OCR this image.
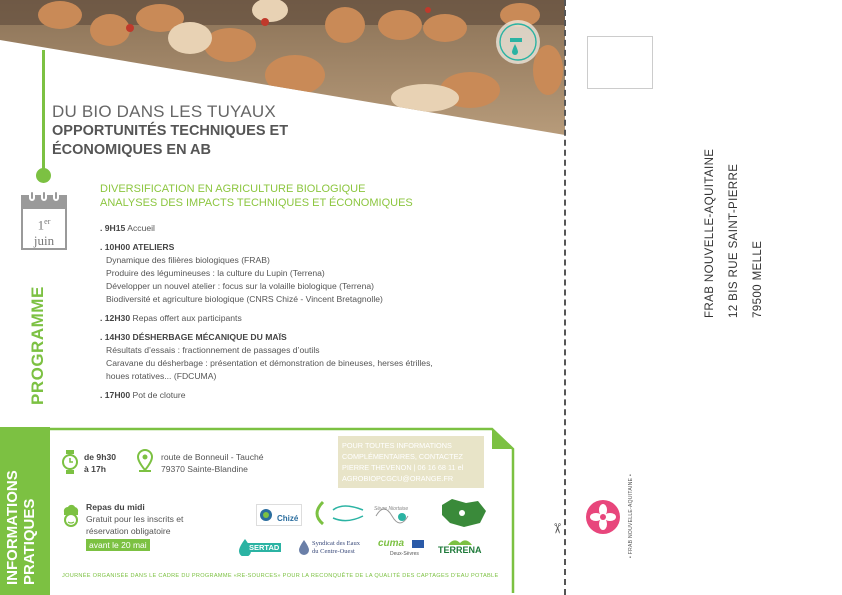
DU BIO DANS LES TUYAUX
OPPORTUNITÉS TECHNIQUES ET ÉCONOMIQUES EN AB
1er
juin
PROGRAMME
DIVERSIFICATION EN AGRICULTURE BIOLOGIQUE
ANALYSES DES IMPACTS TECHNIQUES ET ÉCONOMIQUES
. 9H15 Accueil
. 10H00 ATELIERS
Dynamique des filières biologiques (FRAB)
Produire des légumineuses : la culture du Lupin (Terrena)
Développer un nouvel atelier : focus sur la volaille biologique (Terrena)
Biodiversité et agriculture biologique (CNRS Chizé - Vincent Bretagnolle)
. 12H30 Repas offert aux participants
. 14H30 DÉSHERBAGE MÉCANIQUE DU MAÏS
Résultats d’essais : fractionnement de passages d’outils
Caravane du désherbage : présentation et démonstration de bineuses, herses étrilles,
houes rotatives... (FDCUMA)
. 17H00 Pot de cloture
INFORMATIONS PRATIQUES
de 9h30
à 17h
route de Bonneuil - Tauché
79370 Sainte-Blandine
Repas du midi
Gratuit pour les inscrits et
réservation obligatoire
avant le 20 mai
POUR TOUTES INFORMATIONS
COMPLÉMENTAIRES, CONTACTEZ
PIERRE THEVENON | 06 16 68 11 el
AGROBIOPCGCU@ORANGE.FR
Chizé
Sèvre Niortaise
SERTAD	Syndicat des Eaux
du Centre-Ouest
cuma
Deux-Sèvres TERRENA
JOURNÉE ORGANISÉE DANS LE CADRE DU PROGRAMME «RE-SOURCES» POUR LA RECONQUÊTE DE LA QUALITÉ DES CAPTAGES D’EAU POTABLE
✂
FRAB NOUVELLE-AQUITAINE	12 BIS RUE SAINT-PIERRE	79500 MELLE
• FRAB NOUVELLE-AQUITAINE •
